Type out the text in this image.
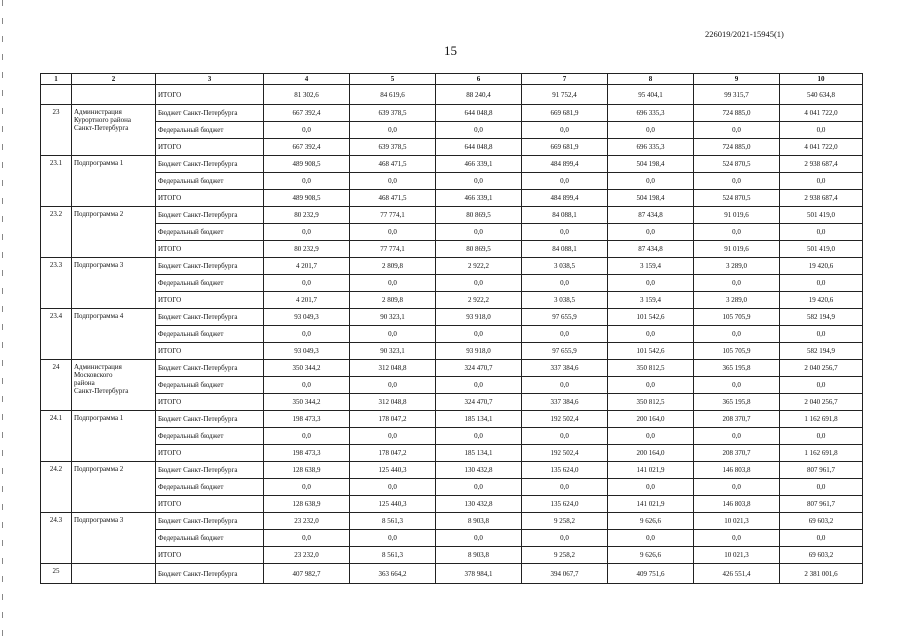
226019/2021-15945(1)
15
1	2	3	4	5	6	7	8	9	10
		ИТОГО	81 302,6	84 619,6	88 240,4	91 752,4	95 404,1	99 315,7	540 634,8
23	Администрация
Курортного района
Санкт-Петербурга	Бюджет Санкт-Петербурга	667 392,4	639 378,5	644 048,8	669 681,9	696 335,3	724 885,0	4 041 722,0
		Федеральный бюджет	0,0	0,0	0,0	0,0	0,0	0,0	0,0
		ИТОГО	667 392,4	639 378,5	644 048,8	669 681,9	696 335,3	724 885,0	4 041 722,0
23.1	Подпрограмма 1	Бюджет Санкт-Петербурга	489 908,5	468 471,5	466 339,1	484 899,4	504 198,4	524 870,5	2 938 687,4
		Федеральный бюджет	0,0	0,0	0,0	0,0	0,0	0,0	0,0
		ИТОГО	489 908,5	468 471,5	466 339,1	484 899,4	504 198,4	524 870,5	2 938 687,4
23.2	Подпрограмма 2	Бюджет Санкт-Петербурга	80 232,9	77 774,1	80 869,5	84 088,1	87 434,8	91 019,6	501 419,0
		Федеральный бюджет	0,0	0,0	0,0	0,0	0,0	0,0	0,0
		ИТОГО	80 232,9	77 774,1	80 869,5	84 088,1	87 434,8	91 019,6	501 419,0
23.3	Подпрограмма 3	Бюджет Санкт-Петербурга	4 201,7	2 809,8	2 922,2	3 038,5	3 159,4	3 289,0	19 420,6
		Федеральный бюджет	0,0	0,0	0,0	0,0	0,0	0,0	0,0
		ИТОГО	4 201,7	2 809,8	2 922,2	3 038,5	3 159,4	3 289,0	19 420,6
23.4	Подпрограмма 4	Бюджет Санкт-Петербурга	93 049,3	90 323,1	93 918,0	97 655,9	101 542,6	105 705,9	582 194,9
		Федеральный бюджет	0,0	0,0	0,0	0,0	0,0	0,0	0,0
		ИТОГО	93 049,3	90 323,1	93 918,0	97 655,9	101 542,6	105 705,9	582 194,9
24	Администрация
Московского
района
Санкт-Петербурга	Бюджет Санкт-Петербурга	350 344,2	312 048,8	324 470,7	337 384,6	350 812,5	365 195,8	2 040 256,7
		Федеральный бюджет	0,0	0,0	0,0	0,0	0,0	0,0	0,0
		ИТОГО	350 344,2	312 048,8	324 470,7	337 384,6	350 812,5	365 195,8	2 040 256,7
24.1	Подпрограмма 1	Бюджет Санкт-Петербурга	198 473,3	178 047,2	185 134,1	192 502,4	200 164,0	208 370,7	1 162 691,8
		Федеральный бюджет	0,0	0,0	0,0	0,0	0,0	0,0	0,0
		ИТОГО	198 473,3	178 047,2	185 134,1	192 502,4	200 164,0	208 370,7	1 162 691,8
24.2	Подпрограмма 2	Бюджет Санкт-Петербурга	128 638,9	125 440,3	130 432,8	135 624,0	141 021,9	146 803,8	807 961,7
		Федеральный бюджет	0,0	0,0	0,0	0,0	0,0	0,0	0,0
		ИТОГО	128 638,9	125 440,3	130 432,8	135 624,0	141 021,9	146 803,8	807 961,7
24.3	Подпрограмма 3	Бюджет Санкт-Петербурга	23 232,0	8 561,3	8 903,8	9 258,2	9 626,6	10 021,3	69 603,2
		Федеральный бюджет	0,0	0,0	0,0	0,0	0,0	0,0	0,0
		ИТОГО	23 232,0	8 561,3	8 903,8	9 258,2	9 626,6	10 021,3	69 603,2
25		Бюджет Санкт-Петербурга	407 982,7	363 664,2	378 984,1	394 067,7	409 751,6	426 551,4	2 381 001,6
